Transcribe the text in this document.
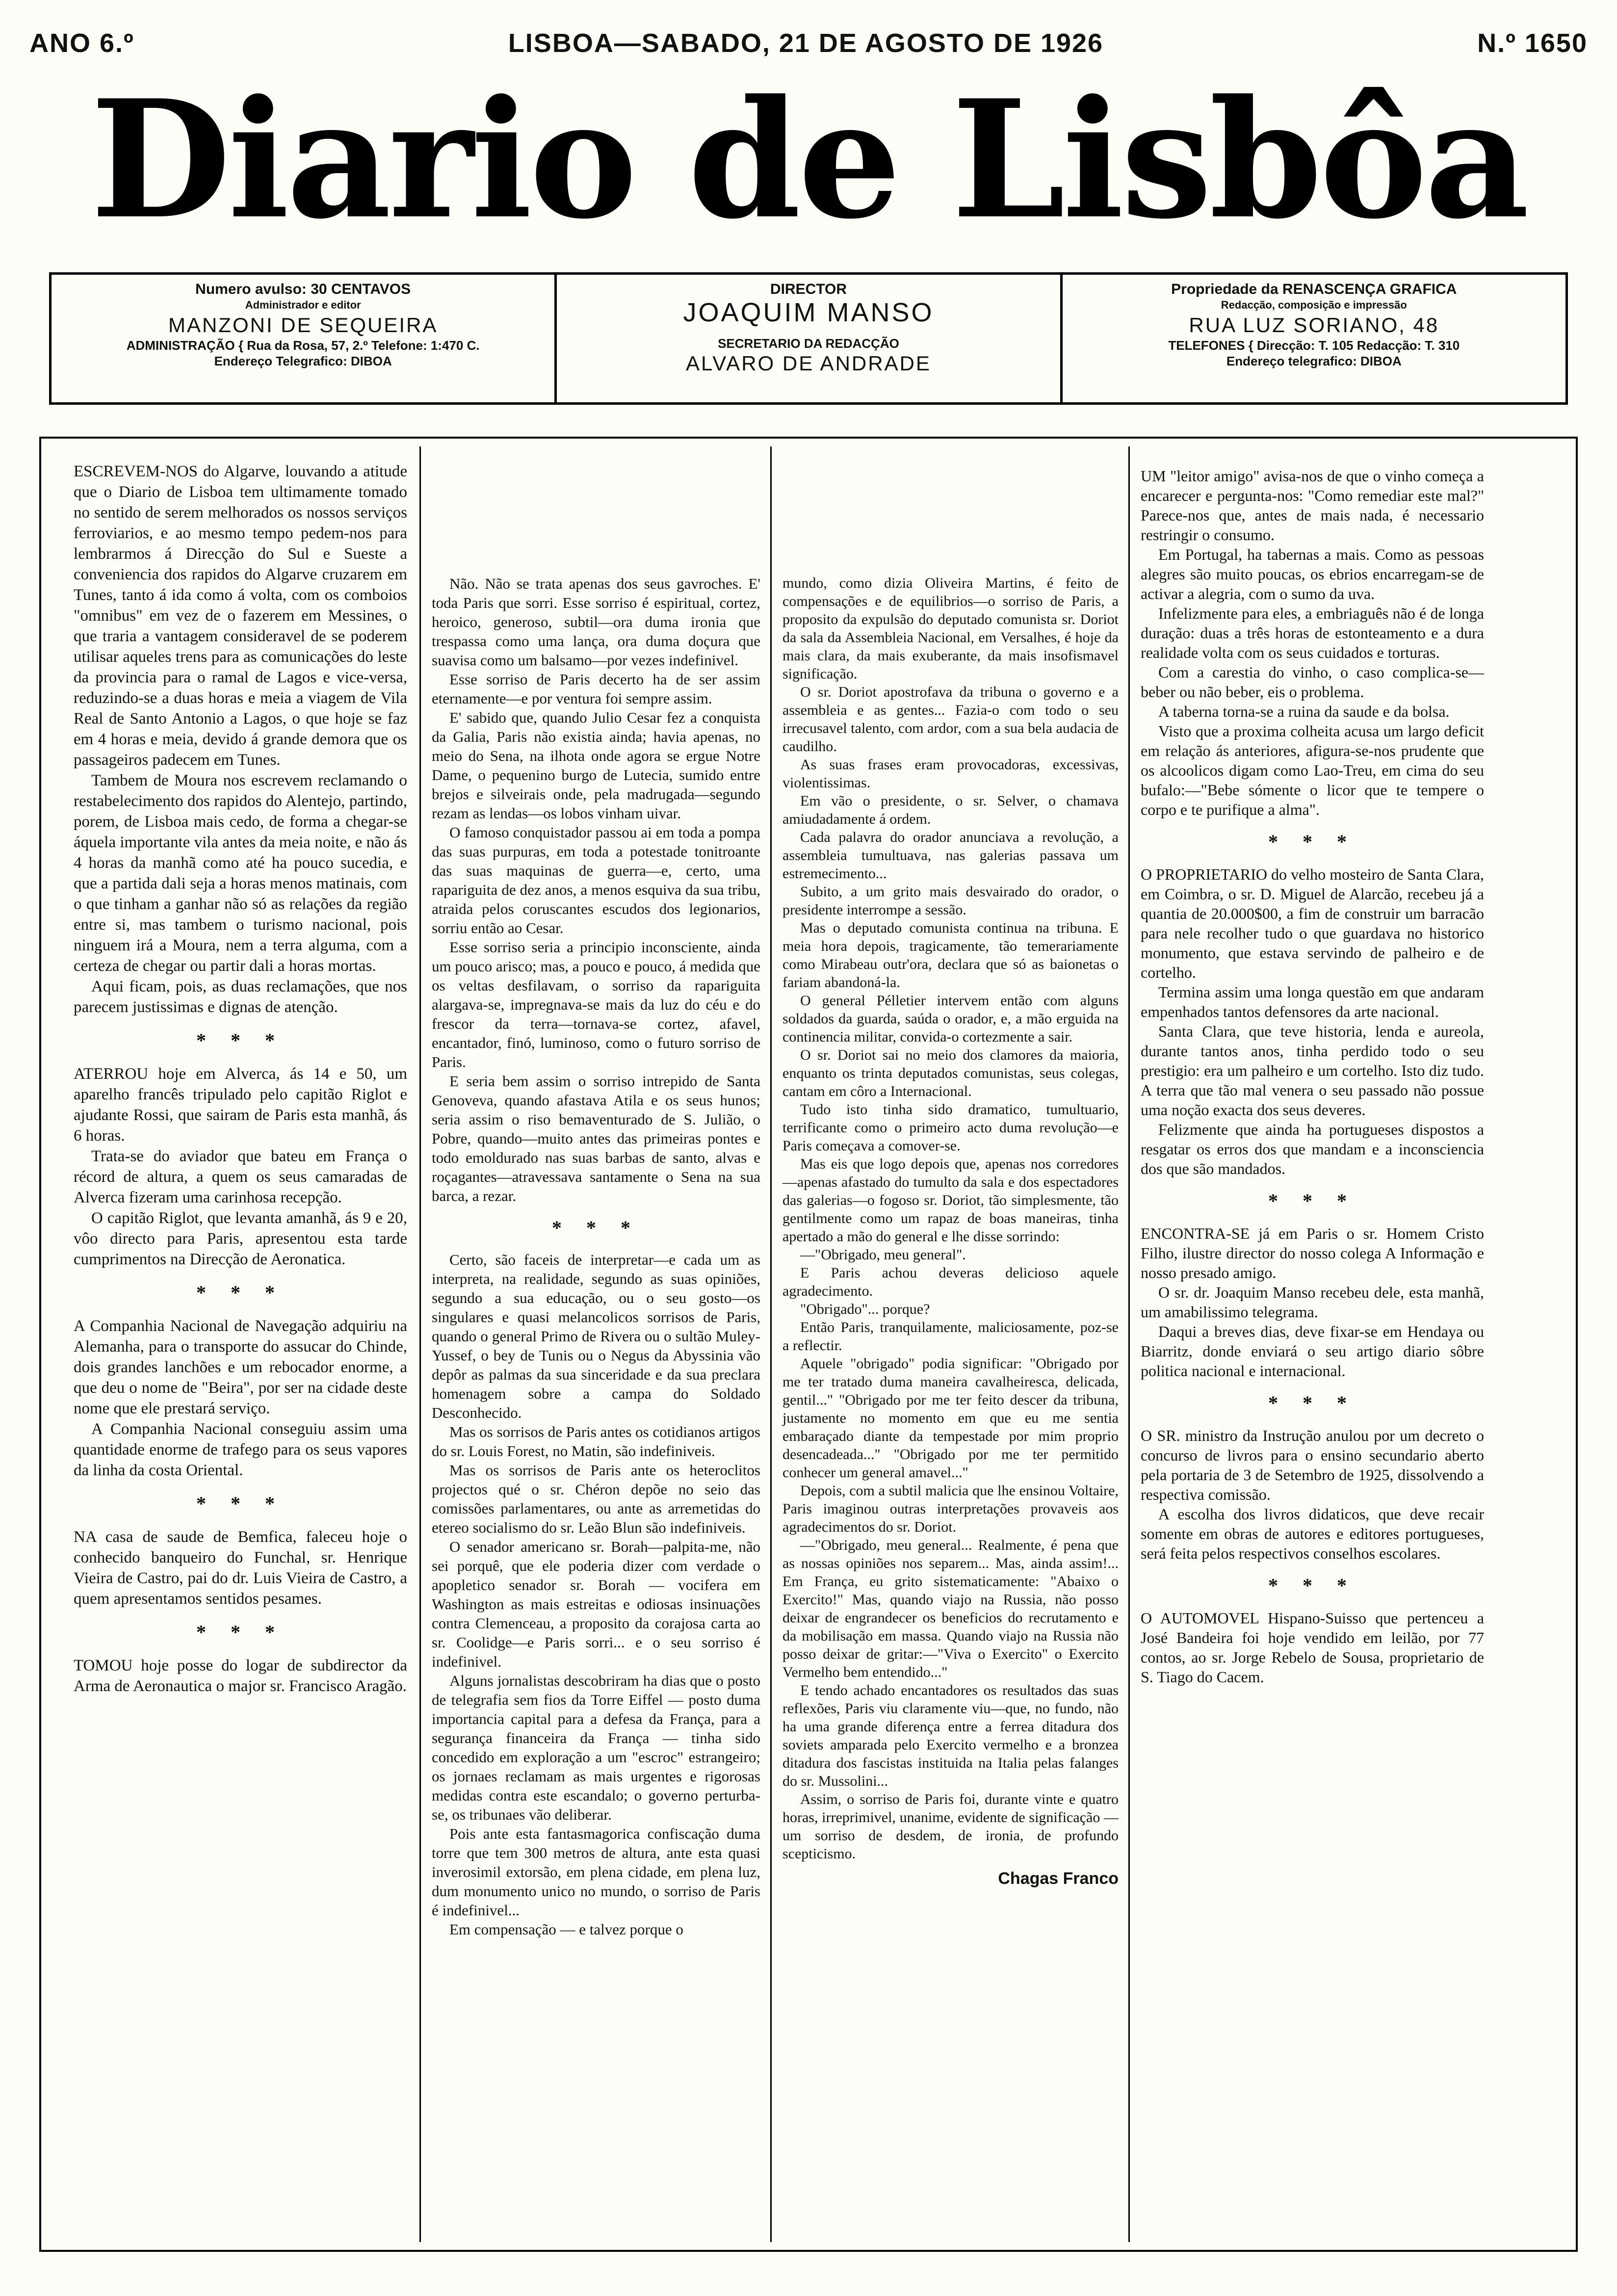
ANO 6.º	LISBOA—SABADO, 21 DE AGOSTO DE 1926	N.º 1650
Diario de Lisbôa
Numero avulso: 30 CENTAVOS
Administrador e editor
MANZONI DE SEQUEIRA
ADMINISTRAÇÃO { Rua da Rosa, 57, 2.º Telefone: 1:470 C.
Endereço Telegrafico: DIBOA
DIRECTOR
JOAQUIM MANSO
SECRETARIO DA REDACÇÃO
ALVARO DE ANDRADE
Propriedade da RENASCENÇA GRAFICA
Redacção, composição e impressão
RUA LUZ SORIANO, 48
TELEFONES { Direcção: T. 105 Redacção: T. 310
Endereço telegrafico: DIBOA

ESCREVEM-NOS do Algarve, louvando a atitude que o Diario de Lisboa tem ultimamente tomado no sentido de serem melhorados os nossos serviços ferroviarios, e ao mesmo tempo pedem-nos para lembrarmos á Direcção do Sul e Sueste a conveniencia dos rapidos do Algarve cruzarem em Tunes, tanto á ida como á volta, com os comboios "omnibus" em vez de o fazerem em Messines, o que traria a vantagem consideravel de se poderem utilisar aqueles trens para as comunicações do leste da provincia para o ramal de Lagos e vice-versa, reduzindo-se a duas horas e meia a viagem de Vila Real de Santo Antonio a Lagos, o que hoje se faz em 4 horas e meia, devido á grande demora que os passageiros padecem em Tunes.

Tambem de Moura nos escrevem reclamando o restabelecimento dos rapidos do Alentejo, partindo, porem, de Lisboa mais cedo, de forma a chegar-se áquela importante vila antes da meia noite, e não ás 4 horas da manhã como até ha pouco sucedia, e que a partida dali seja a horas menos matinais, com o que tinham a ganhar não só as relações da região entre si, mas tambem o turismo nacional, pois ninguem irá a Moura, nem a terra alguma, com a certeza de chegar ou partir dali a horas mortas.

Aqui ficam, pois, as duas reclamações, que nos parecem justissimas e dignas de atenção.

* * *

ATERROU hoje em Alverca, ás 14 e 50, um aparelho francês tripulado pelo capitão Riglot e ajudante Rossi, que sairam de Paris esta manhã, ás 6 horas.

Trata-se do aviador que bateu em França o récord de altura, a quem os seus camaradas de Alverca fizeram uma carinhosa recepção.

O capitão Riglot, que levanta amanhã, ás 9 e 20, vôo directo para Paris, apresentou esta tarde cumprimentos na Direcção de Aeronatica.

* * *

A Companhia Nacional de Navegação adquiriu na Alemanha, para o transporte do assucar do Chinde, dois grandes lanchões e um rebocador enorme, a que deu o nome de "Beira", por ser na cidade deste nome que ele prestará serviço.

A Companhia Nacional conseguiu assim uma quantidade enorme de trafego para os seus vapores da linha da costa Oriental.

* * *

NA casa de saude de Bemfica, faleceu hoje o conhecido banqueiro do Funchal, sr. Henrique Vieira de Castro, pai do dr. Luis Vieira de Castro, a quem apresentamos sentidos pesames.

* * *

TOMOU hoje posse do logar de subdirector da Arma de Aeronautica o major sr. Francisco Aragão.

Não. Não se trata apenas dos seus gavroches. E' toda Paris que sorri. Esse sorriso é espiritual, cortez, heroico, generoso, subtil—ora duma ironia que trespassa como uma lança, ora duma doçura que suavisa como um balsamo—por vezes indefinivel.

Esse sorriso de Paris decerto ha de ser assim eternamente—e por ventura foi sempre assim.

E' sabido que, quando Julio Cesar fez a conquista da Galia, Paris não existia ainda; havia apenas, no meio do Sena, na ilhota onde agora se ergue Notre Dame, o pequenino burgo de Lutecia, sumido entre brejos e silveirais onde, pela madrugada—segundo rezam as lendas—os lobos vinham uivar.

O famoso conquistador passou ai em toda a pompa das suas purpuras, em toda a potestade tonitroante das suas maquinas de guerra—e, certo, uma rapariguita de dez anos, a menos esquiva da sua tribu, atraida pelos coruscantes escudos dos legionarios, sorriu então ao Cesar.

Esse sorriso seria a principio inconsciente, ainda um pouco arisco; mas, a pouco e pouco, á medida que os veltas desfilavam, o sorriso da rapariguita alargava-se, impregnava-se mais da luz do céu e do frescor da terra—tornava-se cortez, afavel, encantador, finó, luminoso, como o futuro sorriso de Paris.

E seria bem assim o sorriso intrepido de Santa Genoveva, quando afastava Atila e os seus hunos; seria assim o riso bemaventurado de S. Julião, o Pobre, quando—muito antes das primeiras pontes e todo emoldurado nas suas barbas de santo, alvas e roçagantes—atravessava santamente o Sena na sua barca, a rezar.

* * *

Certo, são faceis de interpretar—e cada um as interpreta, na realidade, segundo as suas opiniões, segundo a sua educação, ou o seu gosto—os singulares e quasi melancolicos sorrisos de Paris, quando o general Primo de Rivera ou o sultão Muley-Yussef, o bey de Tunis ou o Negus da Abyssinia vão depôr as palmas da sua sinceridade e da sua preclara homenagem sobre a campa do Soldado Desconhecido.

Mas os sorrisos de Paris antes os cotidianos artigos do sr. Louis Forest, no Matin, são indefiniveis.

Mas os sorrisos de Paris ante os heteroclitos projectos qué o sr. Chéron depõe no seio das comissões parlamentares, ou ante as arremetidas do etereo socialismo do sr. Leão Blun são indefiniveis.

O senador americano sr. Borah—palpita-me, não sei porquê, que ele poderia dizer com verdade o apopletico senador sr. Borah — vocifera em Washington as mais estreitas e odiosas insinuações contra Clemenceau, a proposito da corajosa carta ao sr. Coolidge—e Paris sorri... e o seu sorriso é indefinivel.

Alguns jornalistas descobriram ha dias que o posto de telegrafia sem fios da Torre Eiffel — posto duma importancia capital para a defesa da França, para a segurança financeira da França — tinha sido concedido em exploração a um "escroc" estrangeiro; os jornaes reclamam as mais urgentes e rigorosas medidas contra este escandalo; o governo perturba-se, os tribunaes vão deliberar.

Pois ante esta fantasmagorica confiscação duma torre que tem 300 metros de altura, ante esta quasi inverosimil extorsão, em plena cidade, em plena luz, dum monumento unico no mundo, o sorriso de Paris é indefinivel...

Em compensação — e talvez porque o

mundo, como dizia Oliveira Martins, é feito de compensações e de equilibrios—o sorriso de Paris, a proposito da expulsão do deputado comunista sr. Doriot da sala da Assembleia Nacional, em Versalhes, é hoje da mais clara, da mais exuberante, da mais insofismavel significação.

O sr. Doriot apostrofava da tribuna o governo e a assembleia e as gentes... Fazia-o com todo o seu irrecusavel talento, com ardor, com a sua bela audacia de caudilho.

As suas frases eram provocadoras, excessivas, violentissimas.

Em vão o presidente, o sr. Selver, o chamava amiudadamente á ordem.

Cada palavra do orador anunciava a revolução, a assembleia tumultuava, nas galerias passava um estremecimento...

Subito, a um grito mais desvairado do orador, o presidente interrompe a sessão.

Mas o deputado comunista continua na tribuna. E meia hora depois, tragicamente, tão temerariamente como Mirabeau outr'ora, declara que só as baionetas o fariam abandoná-la.

O general Pélletier intervem então com alguns soldados da guarda, saúda o orador, e, a mão erguida na continencia militar, convida-o cortezmente a sair.

O sr. Doriot sai no meio dos clamores da maioria, enquanto os trinta deputados comunistas, seus colegas, cantam em côro a Internacional.

Tudo isto tinha sido dramatico, tumultuario, terrificante como o primeiro acto duma revolução—e Paris começava a comover-se.

Mas eis que logo depois que, apenas nos corredores—apenas afastado do tumulto da sala e dos espectadores das galerias—o fogoso sr. Doriot, tão simplesmente, tão gentilmente como um rapaz de boas maneiras, tinha apertado a mão do general e lhe disse sorrindo:

—"Obrigado, meu general".

E Paris achou deveras delicioso aquele agradecimento.

"Obrigado"... porque?

Então Paris, tranquilamente, maliciosamente, poz-se a reflectir.

Aquele "obrigado" podia significar: "Obrigado por me ter tratado duma maneira cavalheiresca, delicada, gentil..." "Obrigado por me ter feito descer da tribuna, justamente no momento em que eu me sentia embaraçado diante da tempestade por mim proprio desencadeada..." "Obrigado por me ter permitido conhecer um general amavel..."

Depois, com a subtil malicia que lhe ensinou Voltaire, Paris imaginou outras interpretações provaveis aos agradecimentos do sr. Doriot.

—"Obrigado, meu general... Realmente, é pena que as nossas opiniões nos separem... Mas, ainda assim!... Em França, eu grito sistematicamente: "Abaixo o Exercito!" Mas, quando viajo na Russia, não posso deixar de engrandecer os beneficios do recrutamento e da mobilisação em massa. Quando viajo na Russia não posso deixar de gritar:—"Viva o Exercito" o Exercito Vermelho bem entendido..."

E tendo achado encantadores os resultados das suas reflexões, Paris viu claramente viu—que, no fundo, não ha uma grande diferença entre a ferrea ditadura dos soviets amparada pelo Exercito vermelho e a bronzea ditadura dos fascistas instituida na Italia pelas falanges do sr. Mussolini...

Assim, o sorriso de Paris foi, durante vinte e quatro horas, irreprimivel, unanime, evidente de significação — um sorriso de desdem, de ironia, de profundo scepticismo.

Chagas Franco

UM "leitor amigo" avisa-nos de que o vinho começa a encarecer e pergunta-nos: "Como remediar este mal?" Parece-nos que, antes de mais nada, é necessario restringir o consumo.

Em Portugal, ha tabernas a mais. Como as pessoas alegres são muito poucas, os ebrios encarregam-se de activar a alegria, com o sumo da uva.

Infelizmente para eles, a embriaguês não é de longa duração: duas a três horas de estonteamento e a dura realidade volta com os seus cuidados e torturas.

Com a carestia do vinho, o caso complica-se—beber ou não beber, eis o problema.

A taberna torna-se a ruina da saude e da bolsa.

Visto que a proxima colheita acusa um largo deficit em relação ás anteriores, afigura-se-nos prudente que os alcoolicos digam como Lao-Treu, em cima do seu bufalo:—"Bebe sómente o licor que te tempere o corpo e te purifique a alma".

* * *

O PROPRIETARIO do velho mosteiro de Santa Clara, em Coimbra, o sr. D. Miguel de Alarcão, recebeu já a quantia de 20.000$00, a fim de construir um barracão para nele recolher tudo o que guardava no historico monumento, que estava servindo de palheiro e de cortelho.

Termina assim uma longa questão em que andaram empenhados tantos defensores da arte nacional.

Santa Clara, que teve historia, lenda e aureola, durante tantos anos, tinha perdido todo o seu prestigio: era um palheiro e um cortelho. Isto diz tudo. A terra que tão mal venera o seu passado não possue uma noção exacta dos seus deveres.

Felizmente que ainda ha portugueses dispostos a resgatar os erros dos que mandam e a inconsciencia dos que são mandados.

* * *

ENCONTRA-SE já em Paris o sr. Homem Cristo Filho, ilustre director do nosso colega A Informação e nosso presado amigo.

O sr. dr. Joaquim Manso recebeu dele, esta manhã, um amabilissimo telegrama.

Daqui a breves dias, deve fixar-se em Hendaya ou Biarritz, donde enviará o seu artigo diario sôbre politica nacional e internacional.

* * *

O SR. ministro da Instrução anulou por um decreto o concurso de livros para o ensino secundario aberto pela portaria de 3 de Setembro de 1925, dissolvendo a respectiva comissão.

A escolha dos livros didaticos, que deve recair somente em obras de autores e editores portugueses, será feita pelos respectivos conselhos escolares.

* * *

O AUTOMOVEL Hispano-Suisso que pertenceu a José Bandeira foi hoje vendido em leilão, por 77 contos, ao sr. Jorge Rebelo de Sousa, proprietario de S. Tiago do Cacem.
